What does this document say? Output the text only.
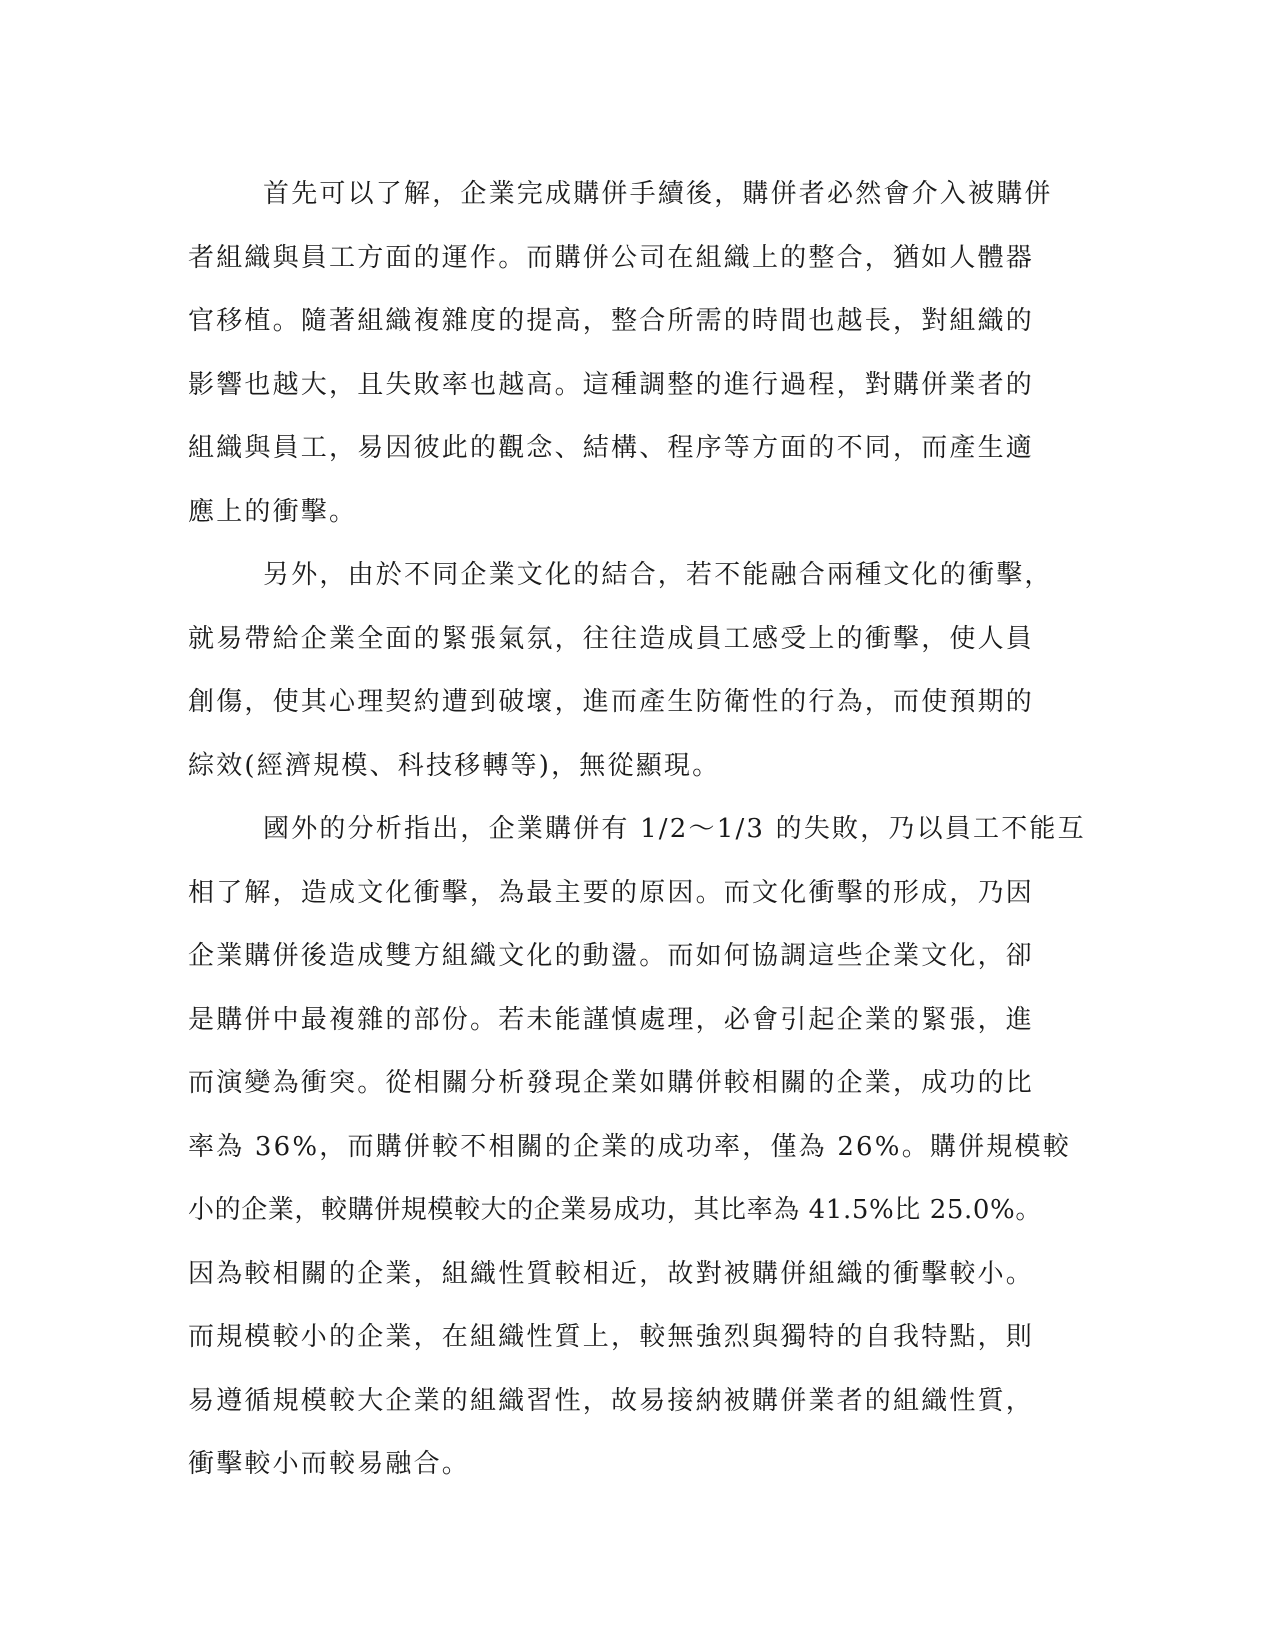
首先可以了解，企業完成購併手續後，購併者必然會介入被購併
者組織與員工方面的運作。而購併公司在組織上的整合，猶如人體器
官移植。隨著組織複雜度的提高，整合所需的時間也越長，對組織的
影響也越大，且失敗率也越高。這種調整的進行過程，對購併業者的
組織與員工，易因彼此的觀念、結構、程序等方面的不同，而產生適
應上的衝擊。
另外，由於不同企業文化的結合，若不能融合兩種文化的衝擊，
就易帶給企業全面的緊張氣氛，往往造成員工感受上的衝擊，使人員
創傷，使其心理契約遭到破壞，進而產生防衛性的行為，而使預期的
綜效(經濟規模、科技移轉等)，無從顯現。
國外的分析指出，企業購併有 1/2～1/3 的失敗，乃以員工不能互
相了解，造成文化衝擊，為最主要的原因。而文化衝擊的形成，乃因
企業購併後造成雙方組織文化的動盪。而如何協調這些企業文化，卻
是購併中最複雜的部份。若未能謹慎處理，必會引起企業的緊張，進
而演變為衝突。從相關分析發現企業如購併較相關的企業，成功的比
率為 36%，而購併較不相關的企業的成功率，僅為 26%。購併規模較
小的企業，較購併規模較大的企業易成功，其比率為 41.5%比 25.0%。
因為較相關的企業，組織性質較相近，故對被購併組織的衝擊較小。
而規模較小的企業，在組織性質上，較無強烈與獨特的自我特點，則
易遵循規模較大企業的組織習性，故易接納被購併業者的組織性質，
衝擊較小而較易融合。
